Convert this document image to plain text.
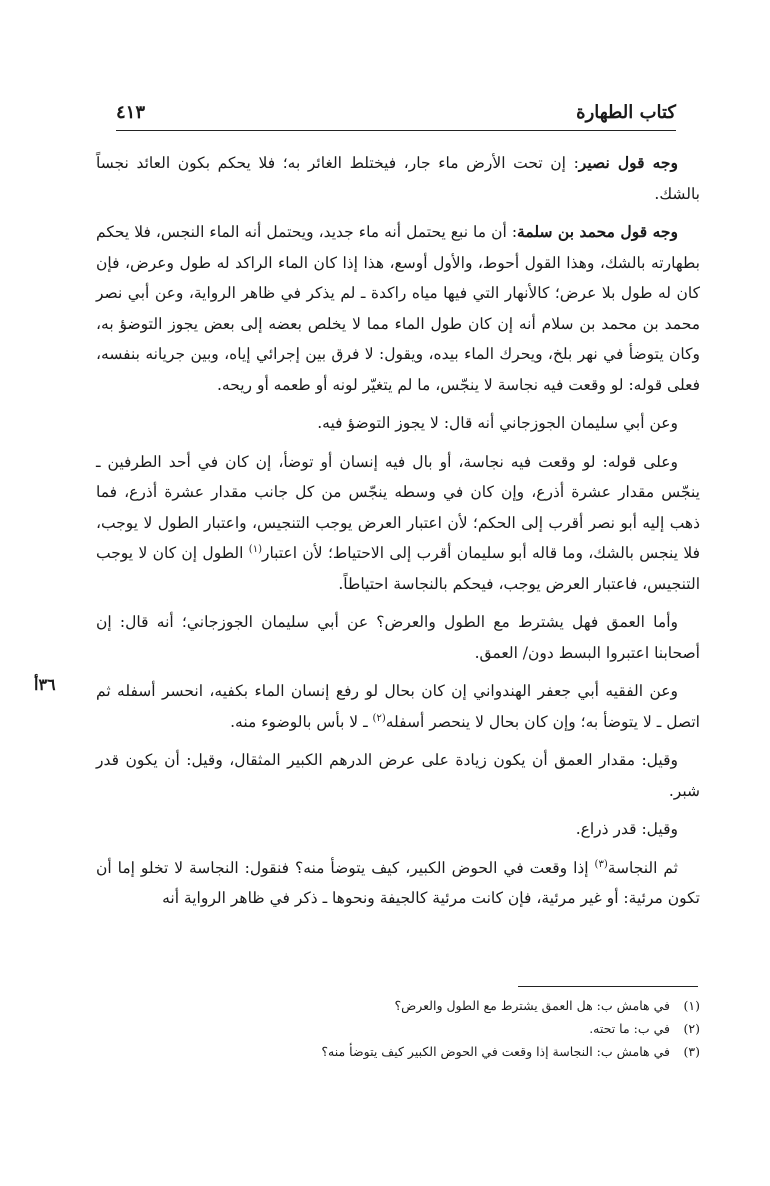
كتاب الطهارة
٤١٣
٣٦أ

وجه قول نصير: إن تحت الأرض ماء جار، فيختلط الغائر به؛ فلا يحكم بكون العائد نجساً بالشك.

وجه قول محمد بن سلمة: أن ما نبع يحتمل أنه ماء جديد، ويحتمل أنه الماء النجس، فلا يحكم بطهارته بالشك، وهذا القول أحوط، والأول أوسع، هذا إذا كان الماء الراكد له طول وعرض، فإن كان له طول بلا عرض؛ كالأنهار التي فيها مياه راكدة ـ لم يذكر في ظاهر الرواية، وعن أبي نصر محمد بن محمد بن سلام أنه إن كان طول الماء مما لا يخلص بعضه إلى بعض يجوز التوضؤ به، وكان يتوضأ في نهر بلخ، ويحرك الماء بيده، ويقول: لا فرق بين إجرائي إياه، وبين جريانه بنفسه، فعلى قوله: لو وقعت فيه نجاسة لا ينجّس، ما لم يتغيّر لونه أو طعمه أو ريحه.

وعن أبي سليمان الجوزجاني أنه قال: لا يجوز التوضؤ فيه.

وعلى قوله: لو وقعت فيه نجاسة، أو بال فيه إنسان أو توضأ، إن كان في أحد الطرفين ـ ينجّس مقدار عشرة أذرع، وإن كان في وسطه ينجّس من كل جانب مقدار عشرة أذرع، فما ذهب إليه أبو نصر أقرب إلى الحكم؛ لأن اعتبار العرض يوجب التنجيس، واعتبار الطول لا يوجب، فلا ينجس بالشك، وما قاله أبو سليمان أقرب إلى الاحتياط؛ لأن اعتبار$^{(١)}$ الطول إن كان لا يوجب التنجيس، فاعتبار العرض يوجب، فيحكم بالنجاسة احتياطاً.

وأما العمق فهل يشترط مع الطول والعرض؟ عن أبي سليمان الجوزجاني؛ أنه قال: إن أصحابنا اعتبروا البسط دون/ العمق.

وعن الفقيه أبي جعفر الهندواني إن كان بحال لو رفع إنسان الماء بكفيه، انحسر أسفله ثم اتصل ـ لا يتوضأ به؛ وإن كان بحال لا ينحصر أسفله$^{(٢)}$ ـ لا بأس بالوضوء منه.

وقيل: مقدار العمق أن يكون زيادة على عرض الدرهم الكبير المثقال، وقيل: أن يكون قدر شبر.

وقيل: قدر ذراع.

ثم النجاسة$^{(٣)}$ إذا وقعت في الحوض الكبير، كيف يتوضأ منه؟ فنقول: النجاسة لا تخلو إما أن تكون مرئية: أو غير مرئية، فإن كانت مرئية كالجيفة ونحوها ـ ذكر في ظاهر الرواية أنه

(١)في هامش ب: هل العمق يشترط مع الطول والعرض؟

(٢)في ب: ما تحته.

(٣)في هامش ب: النجاسة إذا وقعت في الحوض الكبير كيف يتوضأ منه؟
